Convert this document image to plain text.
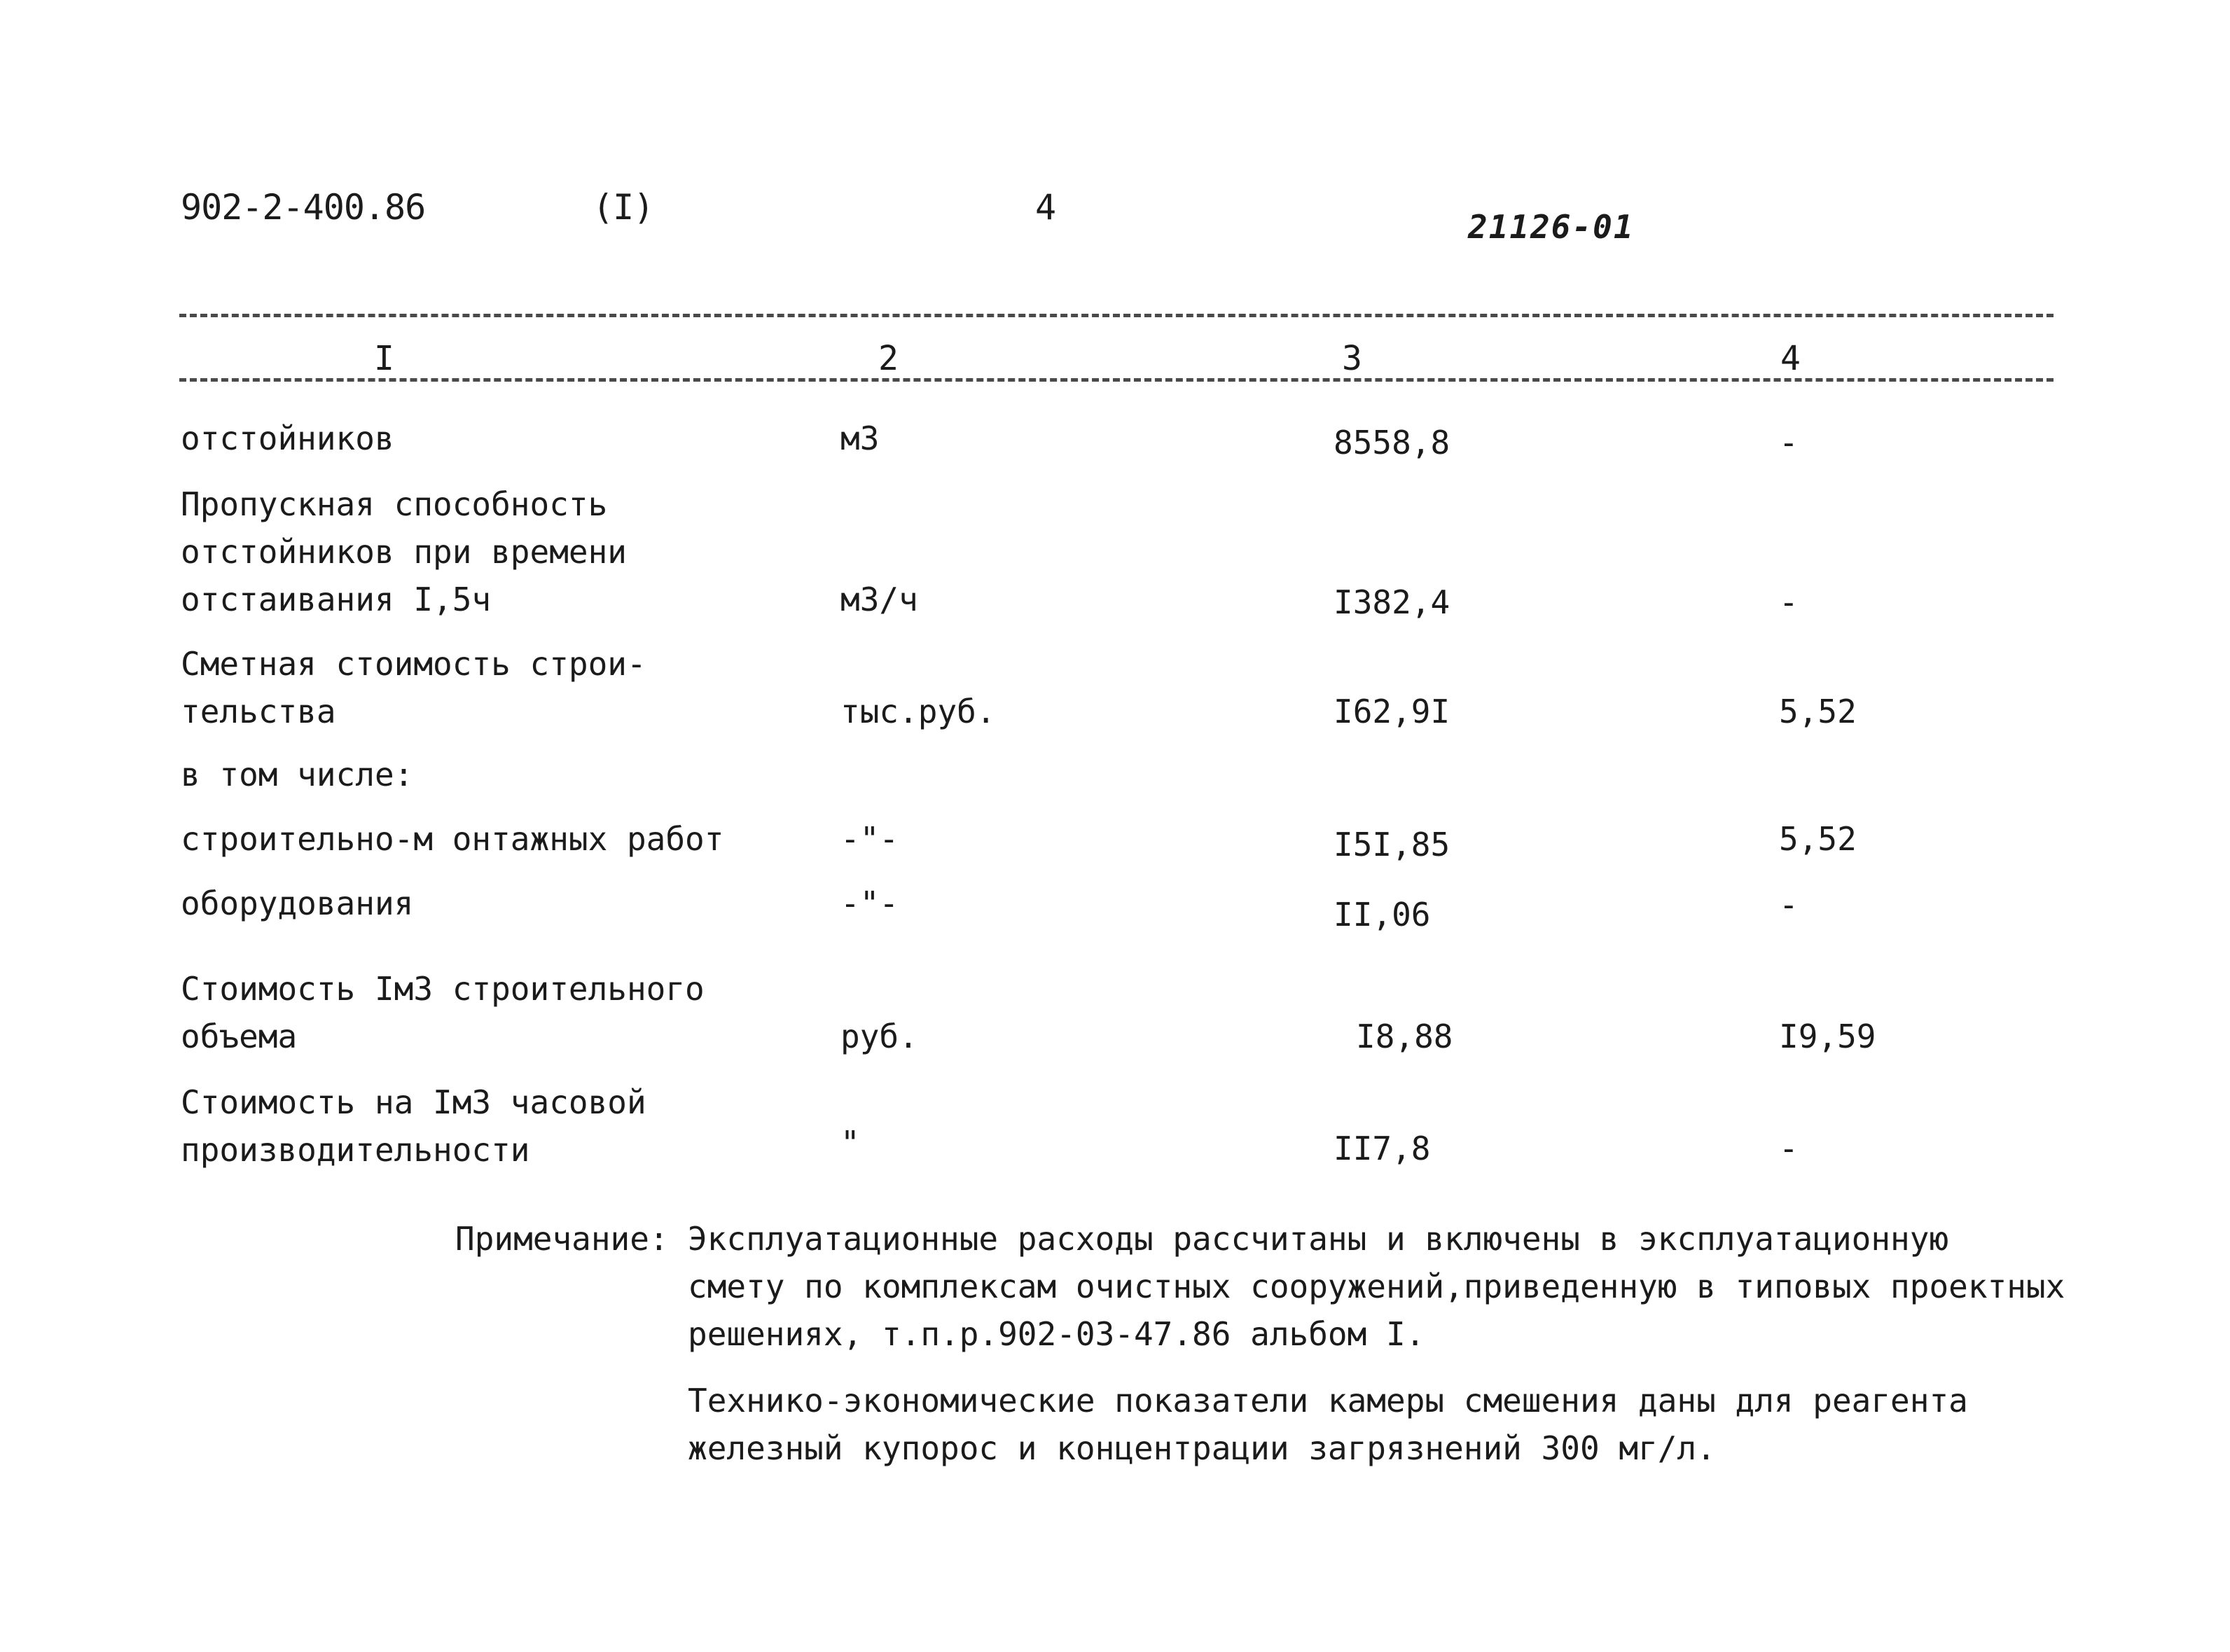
902-2-400.86	(I)	4	21126-01
I	2	3	4
отстойников	м3	8558,8	-
Пропускная способность
отстойников при времени
отстаивания I,5ч	м3/ч	I382,4	-
Сметная стоимость строи-
тельства	тыс.руб.	I62,9I	5,52
в том числе:
строительно-м онтажных работ	-"-	I5I,85	5,52
оборудования	-"-	II,06	-
Стоимость IмЗ строительного
объема	руб.	I8,88	I9,59
Стоимость на IмЗ часовой
производительности	"	II7,8	-
Примечание: Эксплуатационные расходы рассчитаны и включены в эксплуатационную
смету по комплексам очистных сооружений,приведенную в типовых проектных
решениях, т.п.р.902-03-47.86 альбом I.
Технико-экономические показатели камеры смешения даны для реагента
железный купорос и концентрации загрязнений 300 мг/л.
